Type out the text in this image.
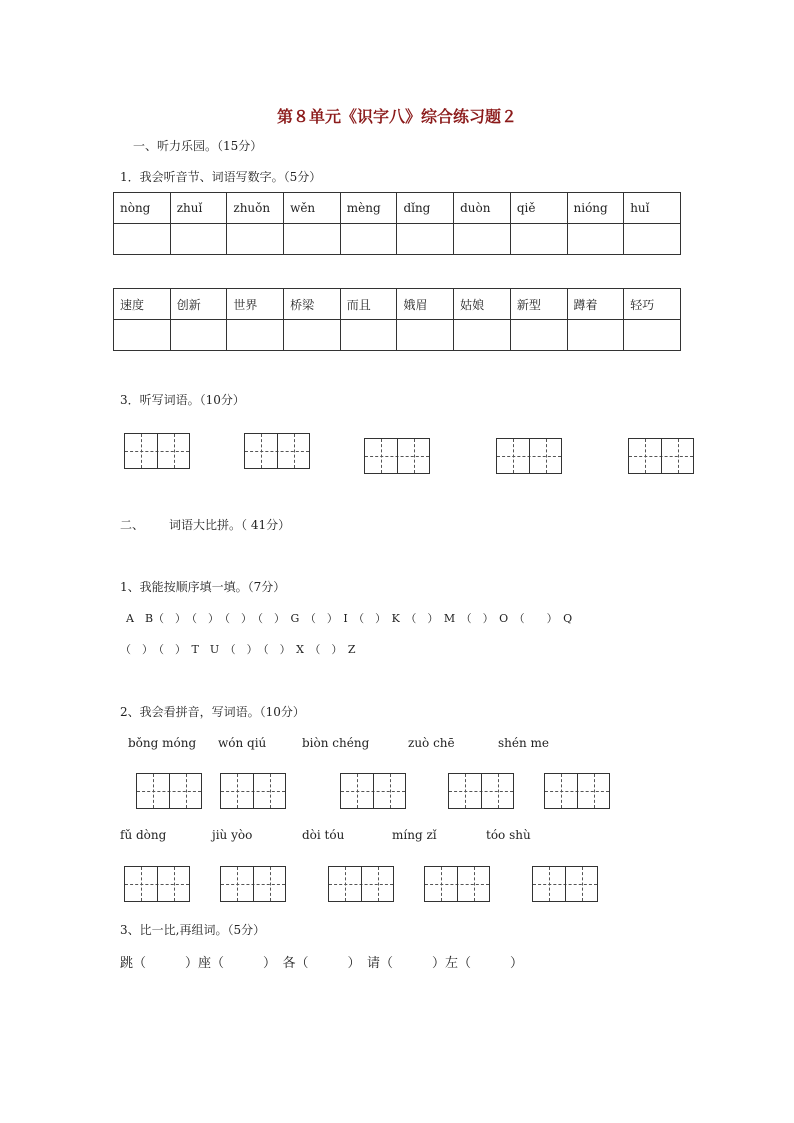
第８单元《识字八》综合练习题２
一、听力乐园。（15分）
1．我会听音节、词语写数字。（5分）
nòng	zhuǐ	zhuǒn	wěn	mèng	dǐng	duòn	qiě	nióng	huǐ

速度	创新	世界	桥梁	而且	娥眉	姑娘	新型	蹲着	轻巧

3．听写词语。（10分）
二、 词语大比拼。（ 41分）
1、我能按顺序填一填。（7分）
A　B（　）　（　）　（　）　（　）　G　（　）　I　（　）　K　（　）　M　（　）　O　（　　）　Q
（　）　（　）　T　U　（　）　（　）　X　（　）　Z
2、我会看拼音，写词语。（10分）
bǒng móng wón qiú	biòn chéng	zuò chē	shén me
fǔ dòng	jiù yòo	dòi tóu	míng zǐ	tóo shù
3、比一比,再组词。（5分）
跳（　　　）座（　　　）　各（　　　）　请（　　　）左（　　　）
